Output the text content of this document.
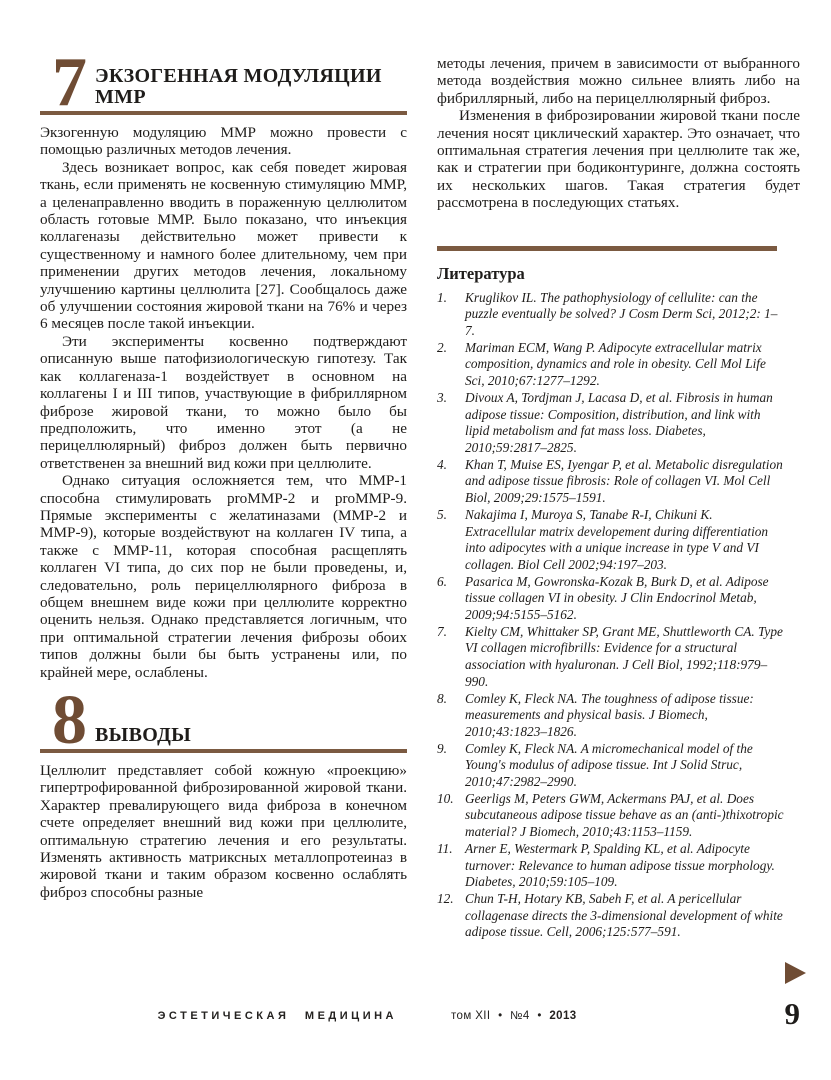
7 ЭКЗОГЕННАЯ МОДУЛЯЦИИ ММР

Экзогенную модуляцию ММР можно провести с помощью различных методов лечения.

Здесь возникает вопрос, как себя поведет жировая ткань, если применять не косвенную стимуляцию ММР, а целенаправленно вводить в пораженную целлюлитом область готовые ММР. Было показано, что инъекция коллагеназы действительно может привести к существенному и намного более длительному, чем при применении других методов лечения, локальному улучшению картины целлюлита [27]. Сообщалось даже об улучшении состояния жировой ткани на 76% и через 6 месяцев после такой инъекции.

Эти эксперименты косвенно подтверждают описанную выше патофизиологическую гипотезу. Так как коллагеназа-1 воздействует в основном на коллагены I и III типов, участвующие в фибриллярном фиброзе жировой ткани, то можно было бы предположить, что именно этот (а не перицеллюлярный) фиброз должен быть первично ответственен за внешний вид кожи при целлюлите.

Однако ситуация осложняется тем, что ММР-1 способна стимулировать proММР-2 и proММР-9. Прямые эксперименты с желатиназами (ММР-2 и ММР-9), которые воздействуют на коллаген IV типа, а также с ММР-11, которая способная расщеплять коллаген VI типа, до сих пор не были проведены, и, следовательно, роль перицеллюлярного фиброза в общем внешнем виде кожи при целлюлите корректно оценить нельзя. Однако представляется логичным, что при оптимальной стратегии лечения фиброзы обоих типов должны были бы быть устранены или, по крайней мере, ослаблены.

8 ВЫВОДЫ

Целлюлит представляет собой кожную «проекцию» гипертрофированной фиброзированной жировой ткани. Характер превалирующего вида фиброза в конечном счете определяет внешний вид кожи при целлюлите, оптимальную стратегию лечения и его результаты. Изменять активность матриксных металлопротеиназ в жировой ткани и таким образом косвенно ослаблять фиброз способны разные

методы лечения, причем в зависимости от выбранного метода воздействия можно сильнее влиять либо на фибриллярный, либо на перицеллюлярный фиброз.

Изменения в фиброзировании жировой ткани после лечения носят циклический характер. Это означает, что оптимальная стратегия лечения при целлюлите так же, как и стратегии при бодиконтуринге, должна состоять их нескольких шагов. Такая стратегия будет рассмотрена в последующих статьях.

Литература
1.	Kruglikov IL. The pathophysiology of cellulite: can the puzzle eventually be solved? J Cosm Derm Sci, 2012;2: 1–7.
2.	Mariman ECM, Wang P. Adipocyte extracellular matrix composition, dynamics and role in obesity. Cell Mol Life Sci, 2010;67:1277–1292.
3.	Divoux A, Tordjman J, Lacasa D, et al. Fibrosis in human adipose tissue: Composition, distribution, and link with lipid metabolism and fat mass loss. Diabetes, 2010;59:2817–2825.
4.	Khan T, Muise ES, Iyengar P, et al. Metabolic disregulation and adipose tissue fibrosis: Role of collagen VI. Mol Cell Biol, 2009;29:1575–1591.
5.	Nakajima I, Muroya S, Tanabe R-I, Chikuni K. Extracellular matrix developement during differentiation into adipocytes with a unique increase in type V and VI collagen. Biol Cell 2002;94:197–203.
6.	Pasarica M, Gowronska-Kozak B, Burk D, et al. Adipose tissue collagen VI in obesity. J Clin Endocrinol Metab, 2009;94:5155–5162.
7.	Kielty CM, Whittaker SP, Grant ME, Shuttleworth CA. Type VI collagen microfibrills: Evidence for a structural association with hyaluronan. J Cell Biol, 1992;118:979–990.
8.	Comley K, Fleck NA. The toughness of adipose tissue: measurements and physical basis. J Biomech, 2010;43:1823–1826.
9.	Comley K, Fleck NA. A micromechanical model of the Young's modulus of adipose tissue. Int J Solid Struc, 2010;47:2982–2990.
10. Geerligs M, Peters GWM, Ackermans PAJ, et al. Does subcutaneous adipose tissue behave as an (anti-)thixotropic material? J Biomech, 2010;43:1153–1159.
11. Arner E, Westermark P, Spalding KL, et al. Adipocyte turnover: Relevance to human adipose tissue morphology. Diabetes, 2010;59:105–109.
12. Chun T-H, Hotary KB, Sabeh F, et al. A pericellular collagenase directs the 3-dimensional development of white adipose tissue. Cell, 2006;125:577–591.
ЭСТЕТИЧЕСКАЯ МЕДИЦИНА	том XII • №4 • 2013	9
